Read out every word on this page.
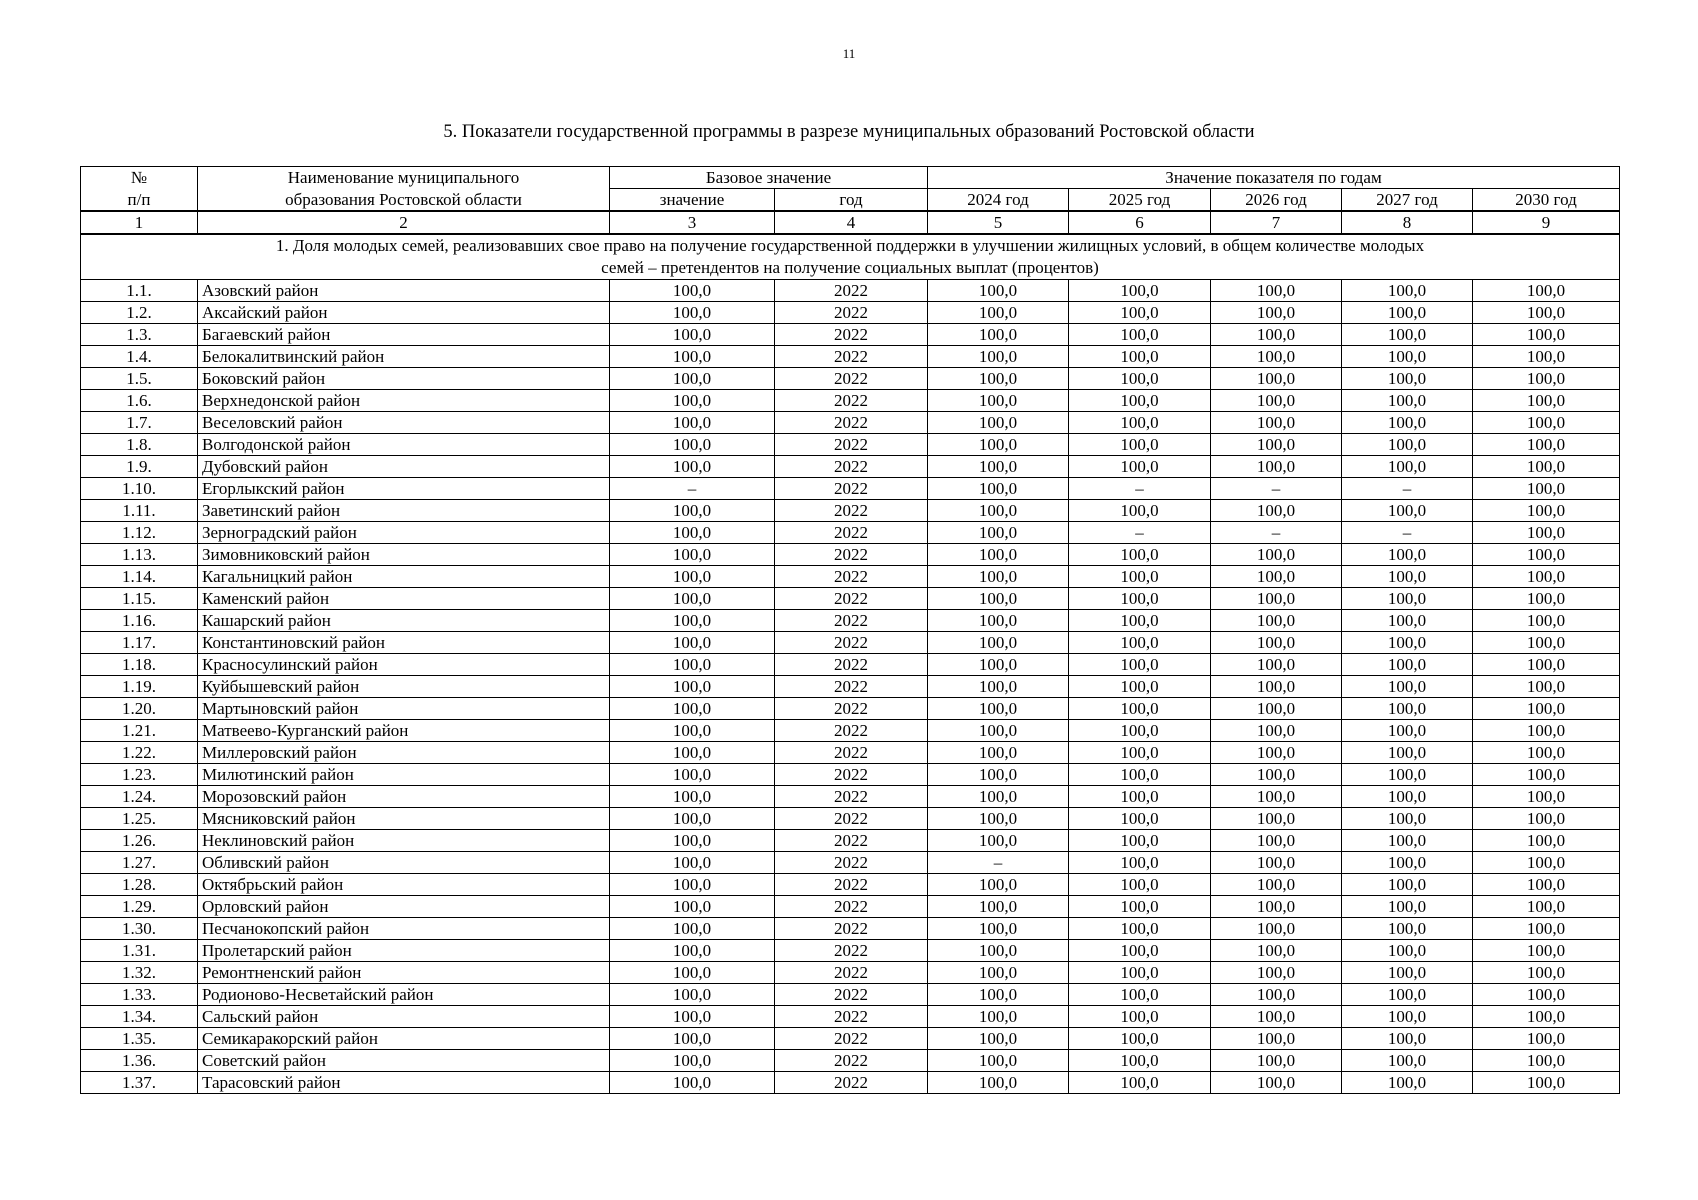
11
5. Показатели государственной программы в разрезе муниципальных образований Ростовской области
№	Наименование муниципального	Базовое значение		Значение показателя по годам				
п/п	образования Ростовской области	значение	год	2024 год	2025 год	2026 год	2027 год	2030 год
1	2	3	4	5	6	7	8	9
1. Доля молодых семей, реализовавших свое право на получение государственной поддержки в улучшении жилищных условий, в общем количестве молодых семей – претендентов на получение социальных выплат (процентов)								
1.1.	Азовский район	100,0	2022	100,0	100,0	100,0	100,0	100,0
1.2.	Аксайский район	100,0	2022	100,0	100,0	100,0	100,0	100,0
1.3.	Багаевский район	100,0	2022	100,0	100,0	100,0	100,0	100,0
1.4.	Белокалитвинский район	100,0	2022	100,0	100,0	100,0	100,0	100,0
1.5.	Боковский район	100,0	2022	100,0	100,0	100,0	100,0	100,0
1.6.	Верхнедонской район	100,0	2022	100,0	100,0	100,0	100,0	100,0
1.7.	Веселовский район	100,0	2022	100,0	100,0	100,0	100,0	100,0
1.8.	Волгодонской район	100,0	2022	100,0	100,0	100,0	100,0	100,0
1.9.	Дубовский район	100,0	2022	100,0	100,0	100,0	100,0	100,0
1.10.	Егорлыкский район	–	2022	100,0	–	–	–	100,0
1.11.	Заветинский район	100,0	2022	100,0	100,0	100,0	100,0	100,0
1.12.	Зерноградский район	100,0	2022	100,0	–	–	–	100,0
1.13.	Зимовниковский район	100,0	2022	100,0	100,0	100,0	100,0	100,0
1.14.	Кагальницкий район	100,0	2022	100,0	100,0	100,0	100,0	100,0
1.15.	Каменский район	100,0	2022	100,0	100,0	100,0	100,0	100,0
1.16.	Кашарский район	100,0	2022	100,0	100,0	100,0	100,0	100,0
1.17.	Константиновский район	100,0	2022	100,0	100,0	100,0	100,0	100,0
1.18.	Красносулинский район	100,0	2022	100,0	100,0	100,0	100,0	100,0
1.19.	Куйбышевский район	100,0	2022	100,0	100,0	100,0	100,0	100,0
1.20.	Мартыновский район	100,0	2022	100,0	100,0	100,0	100,0	100,0
1.21.	Матвеево-Курганский район	100,0	2022	100,0	100,0	100,0	100,0	100,0
1.22.	Миллеровский район	100,0	2022	100,0	100,0	100,0	100,0	100,0
1.23.	Милютинский район	100,0	2022	100,0	100,0	100,0	100,0	100,0
1.24.	Морозовский район	100,0	2022	100,0	100,0	100,0	100,0	100,0
1.25.	Мясниковский район	100,0	2022	100,0	100,0	100,0	100,0	100,0
1.26.	Неклиновский район	100,0	2022	100,0	100,0	100,0	100,0	100,0
1.27.	Обливский район	100,0	2022	–	100,0	100,0	100,0	100,0
1.28.	Октябрьский район	100,0	2022	100,0	100,0	100,0	100,0	100,0
1.29.	Орловский район	100,0	2022	100,0	100,0	100,0	100,0	100,0
1.30.	Песчанокопский район	100,0	2022	100,0	100,0	100,0	100,0	100,0
1.31.	Пролетарский район	100,0	2022	100,0	100,0	100,0	100,0	100,0
1.32.	Ремонтненский район	100,0	2022	100,0	100,0	100,0	100,0	100,0
1.33.	Родионово-Несветайский район	100,0	2022	100,0	100,0	100,0	100,0	100,0
1.34.	Сальский район	100,0	2022	100,0	100,0	100,0	100,0	100,0
1.35.	Семикаракорский район	100,0	2022	100,0	100,0	100,0	100,0	100,0
1.36.	Советский район	100,0	2022	100,0	100,0	100,0	100,0	100,0
1.37.	Тарасовский район	100,0	2022	100,0	100,0	100,0	100,0	100,0
